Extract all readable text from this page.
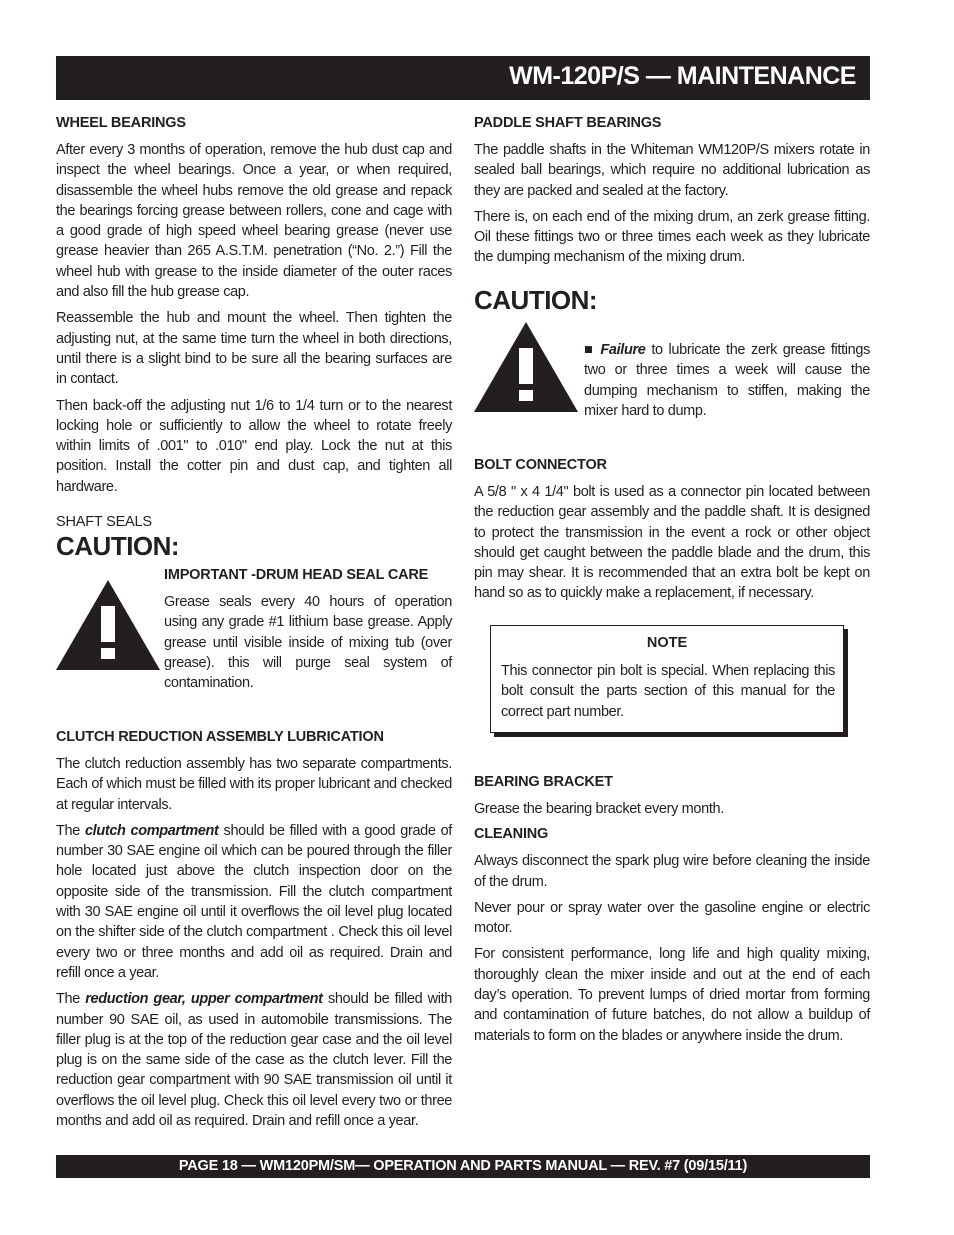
WM-120P/S — MAINTENANCE

WHEEL BEARINGS

After every 3 months of operation, remove the hub dust cap and inspect the wheel bearings. Once a year, or when required, disassemble the wheel hubs remove the old grease and repack the bearings forcing grease between rollers, cone and cage with a good grade of high speed wheel bearing grease (never use grease heavier than 265 A.S.T.M. penetration (“No. 2.”) Fill the wheel hub with grease to the inside diameter of the outer races and also fill the hub grease cap.

Reassemble the hub and mount the wheel. Then tighten the adjusting nut, at the same time turn the wheel in both directions, until there is a slight bind to be sure all the bearing surfaces are in contact.

Then back-off the adjusting nut 1/6 to 1/4 turn or to the nearest locking hole or sufficiently to allow the wheel to rotate freely within limits of .001" to .010" end play. Lock the nut at this position. Install the cotter pin and dust cap, and tighten all hardware.

SHAFT SEALS

CAUTION:

IMPORTANT -DRUM HEAD SEAL CARE

Grease seals every 40 hours of operation using any grade #1 lithium base grease. Apply grease until visible inside of mixing tub (over grease). this will purge seal system of contamination.

CLUTCH REDUCTION ASSEMBLY LUBRICATION

The clutch reduction assembly has two separate compartments. Each of which must be filled with its proper lubricant and checked at regular intervals.

The clutch compartment should be filled with a good grade of number 30 SAE engine oil which can be poured through the filler hole located just above the clutch inspection door on the opposite side of the transmission. Fill the clutch compartment with 30 SAE engine oil until it overflows the oil level plug located on the shifter side of the clutch compartment . Check this oil level every two or three months and add oil as required. Drain and refill once a year.

The reduction gear, upper compartment should be filled with number 90 SAE oil, as used in automobile transmissions. The filler plug is at the top of the reduction gear case and the oil level plug is on the same side of the case as the clutch lever. Fill the reduction gear compartment with 90 SAE transmission oil until it overflows the oil level plug. Check this oil level every two or three months and add oil as required. Drain and refill once a year.

PADDLE SHAFT BEARINGS

The paddle shafts in the Whiteman WM120P/S mixers rotate in sealed ball bearings, which require no additional lubrication as they are packed and sealed at the factory.

There is, on each end of the mixing drum, an zerk grease fitting. Oil these fittings two or three times each week as they lubricate the dumping mechanism of the mixing drum.

CAUTION:

■ Failure to lubricate the zerk grease fittings two or three times a week will cause the dumping mechanism to stiffen, making the mixer hard to dump.

BOLT CONNECTOR

A 5/8 " x 4 1/4" bolt is used as a connector pin located between the reduction gear assembly and the paddle shaft. It is designed to protect the transmission in the event a rock or other object should get caught between the paddle blade and the drum, this pin may shear. It is recommended that an extra bolt be kept on hand so as to quickly make a replacement, if necessary.

NOTE

This connector pin bolt is special. When replacing this bolt consult the parts section of this manual for the correct part number.

BEARING BRACKET

Grease the bearing bracket every month.

CLEANING

Always disconnect the spark plug wire before cleaning the inside of the drum.

Never pour or spray water over the gasoline engine or electric motor.

For consistent performance, long life and high quality mixing, thoroughly clean the mixer inside and out at the end of each day’s operation. To prevent lumps of dried mortar from forming and contamination of future batches, do not allow a buildup of materials to form on the blades or anywhere inside the drum.

PAGE 18 — WM120PM/SM— OPERATION AND PARTS MANUAL — REV. #7 (09/15/11)
